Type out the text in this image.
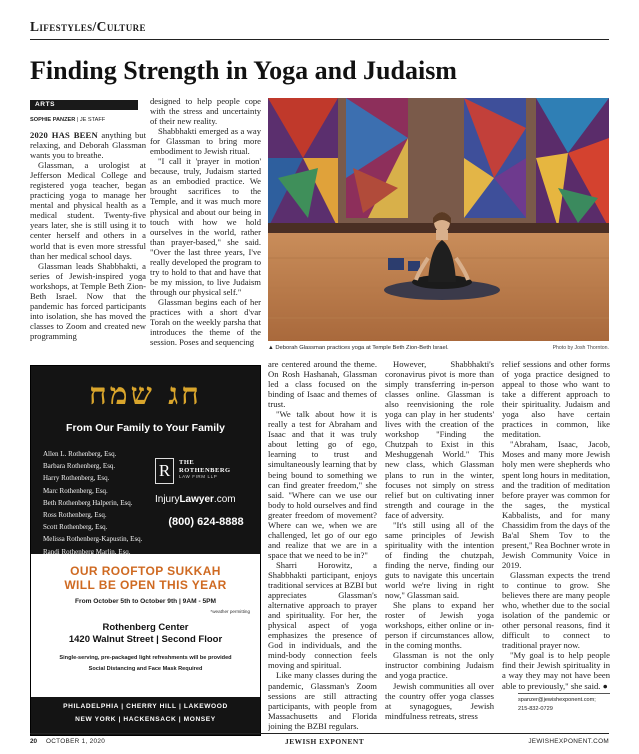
Lifestyles/Culture
Finding Strength in Yoga and Judaism
ARTS
SOPHIE PANZER | JE STAFF

2020 HAS BEEN anything but relaxing, and Deborah Glassman wants you to breathe.

Glassman, a urologist at Jefferson Medical College and registered yoga teacher, began practicing yoga to manage her mental and physical health as a medical student. Twenty-five years later, she is still using it to center herself and others in a world that is even more stressful than her medical school days.

Glassman leads Shabbhakti, a series of Jewish-inspired yoga workshops, at Temple Beth Zion-Beth Israel. Now that the pandemic has forced participants into isolation, she has moved the classes to Zoom and created new programming

designed to help people cope with the stress and uncertainty of their new reality.

Shabbhakti emerged as a way for Glassman to bring more embodiment to Jewish ritual.

"I call it 'prayer in motion' because, truly, Judaism started as an embodied practice. We brought sacrifices to the Temple, and it was much more physical and about our being in touch with how we hold ourselves in the world, rather than prayer-based," she said. "Over the last three years, I've really developed the program to try to hold to that and have that be my mission, to live Judaism through our physical self."

Glassman begins each of her practices with a short d'var Torah on the weekly parsha that introduces the theme of the session. Poses and sequencing

▲ Deborah Glassman practices yoga at Temple Beth Zion-Beth Israel.	Photo by Josh Thornton.

are centered around the theme. On Rosh Hashanah, Glassman led a class focused on the binding of Isaac and themes of trust.

"We talk about how it is really a test for Abraham and Isaac and that it was truly about letting go of ego, learning to trust and simultaneously learning that by being bound to something we can find greater freedom," she said. "Where can we use our body to hold ourselves and find greater freedom of movement? Where can we, when we are challenged, let go of our ego and realize that we are in a space that we need to be in?"

Sharri Horowitz, a Shabbhakti participant, enjoys traditional services at BZBI but appreciates Glassman's alternative approach to prayer and spirituality. For her, the physical aspect of yoga emphasizes the presence of God in individuals, and the mind-body connection feels moving and spiritual.

Like many classes during the pandemic, Glassman's Zoom sessions are still attracting participants, with people from Massachusetts and Florida joining the BZBI regulars.

However, Shabbhakti's coronavirus pivot is more than simply transferring in-person classes online. Glassman is also reenvisioning the role yoga can play in her students' lives with the creation of the workshop "Finding the Chutzpah to Exist in this Meshuggenah World." This new class, which Glassman plans to run in the winter, focuses not simply on stress relief but on cultivating inner strength and courage in the face of adversity.

"It's still using all of the same principles of Jewish spirituality with the intention of finding the chutzpah, finding the nerve, finding our guts to navigate this uncertain world we're living in right now," Glassman said.

She plans to expand her roster of Jewish yoga workshops, either online or in-person if circumstances allow, in the coming months.

Glassman is not the only instructor combining Judaism and yoga practice.

Jewish communities all over the country offer yoga classes at synagogues, Jewish mindfulness retreats, stress

relief sessions and other forms of yoga practice designed to appeal to those who want to take a different approach to their spirituality. Judaism and yoga also have certain practices in common, like meditation.

"Abraham, Isaac, Jacob, Moses and many more Jewish holy men were shepherds who spent long hours in meditation, and the tradition of meditation before prayer was common for the sages, the mystical Kabbalists, and for many Chassidim from the days of the Ba'al Shem Tov to the present," Rea Bochner wrote in Jewish Community Voice in 2019.

Glassman expects the trend to continue to grow. She believes there are many people who, whether due to the social isolation of the pandemic or other personal reasons, find it difficult to connect to traditional prayer now.

"My goal is to help people find their Jewish spirituality in a way they may not have been able to previously," she said. ●

spanzer@jewishexponent.com;
215-832-0729
חג שמח
From Our Family to Your Family
Allen L. Rothenberg, Esq.
Barbara Rothenberg, Esq.
Harry Rothenberg, Esq.
Marc Rothenberg, Esq.
Beth Rothenberg Halperin, Esq.
Ross Rothenberg, Esq.
Scott Rothenberg, Esq.
Melissa Rothenberg-Kapustin, Esq.
Randi Rothenberg Marlin, Esq.
R	THE
ROTHENBERG
LAW FIRM LLP
InjuryLawyer.com
(800) 624-8888
OUR ROOFTOP SUKKAH
WILL BE OPEN THIS YEAR
From October 5th to October 9th | 9AM - 5PM
*weather permitting
Rothenberg Center
1420 Walnut Street | Second Floor
Single-serving, pre-packaged light refreshments will be provided
Social Distancing and Face Mask Required
PHILADELPHIA | CHERRY HILL | LAKEWOOD
NEW YORK | HACKENSACK | MONSEY
20 OCTOBER 1, 2020	JEWISH EXPONENT	JEWISHEXPONENT.COM
